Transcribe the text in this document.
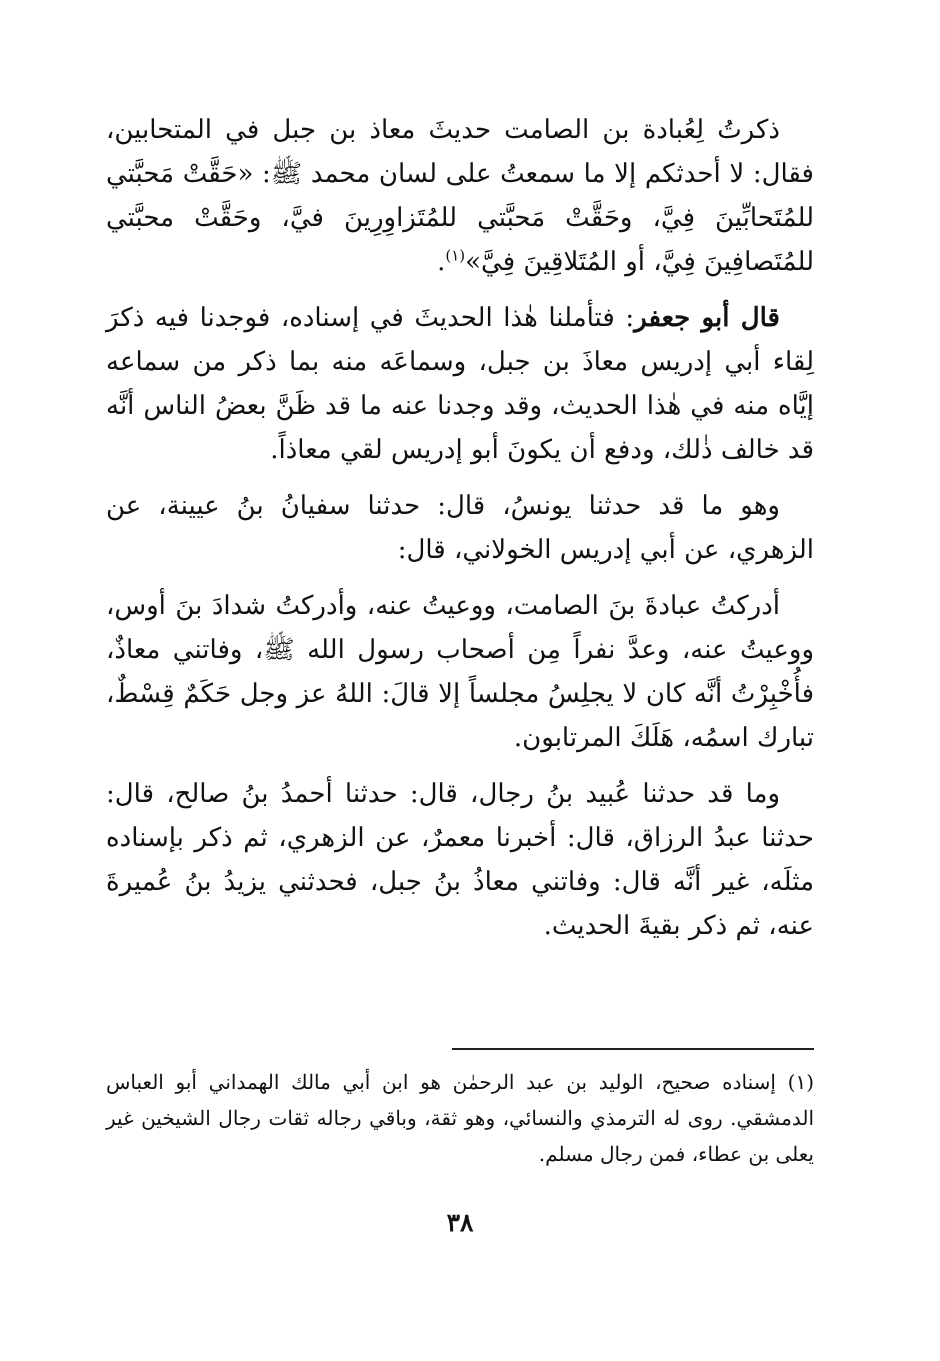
ذكرتُ لِعُبادة بن الصامت حديثَ معاذ بن جبل في المتحابين، فقال: لا أحدثكم إلا ما سمعتُ على لسان محمد ﷺ: «حَقَّتْ مَحبَّتي للمُتَحابِّينَ فِيَّ، وحَقَّتْ مَحبَّتي للمُتَزاوِرِينَ فيَّ، وحَقَّتْ محبَّتي للمُتَصافِينَ فِيَّ، أو المُتَلاقِينَ فِيَّ»$^{(١)}$.

قال أبو جعفر: فتأملنا هٰذا الحديثَ في إسناده، فوجدنا فيه ذكرَ لِقاء أبي إدريس معاذَ بن جبل، وسماعَه منه بما ذكر من سماعه إيَّاه منه في هٰذا الحديث، وقد وجدنا عنه ما قد ظَنَّ بعضُ الناس أنَّه قد خالف ذٰلك، ودفع أن يكونَ أبو إدريس لقي معاذاً.

وهو ما قد حدثنا يونسُ، قال: حدثنا سفيانُ بنُ عيينة، عن الزهري، عن أبي إدريس الخولاني، قال:

أدركتُ عبادةَ بنَ الصامت، ووعيتُ عنه، وأدركتُ شدادَ بنَ أوس، ووعيتُ عنه، وعدَّ نفراً مِن أصحاب رسول الله ﷺ، وفاتني معاذٌ، فأُخْبِرْتُ أنَّه كان لا يجلِسُ مجلساً إلا قالَ: اللهُ عز وجل حَكَمٌ قِسْطٌ، تبارك اسمُه، هَلَكَ المرتابون.

وما قد حدثنا عُبيد بنُ رجال، قال: حدثنا أحمدُ بنُ صالح، قال: حدثنا عبدُ الرزاق، قال: أخبرنا معمرٌ، عن الزهري، ثم ذكر بإسناده مثلَه، غير أنَّه قال: وفاتني معاذُ بنُ جبل، فحدثني يزيدُ بنُ عُميرةَ عنه، ثم ذكر بقيةَ الحديث.

(١) إسناده صحيح، الوليد بن عبد الرحمٰن هو ابن أبي مالك الهمداني أبو العباس الدمشقي. روى له الترمذي والنسائي، وهو ثقة، وباقي رجاله ثقات رجال الشيخين غير يعلى بن عطاء، فمن رجال مسلم.

٣٨
